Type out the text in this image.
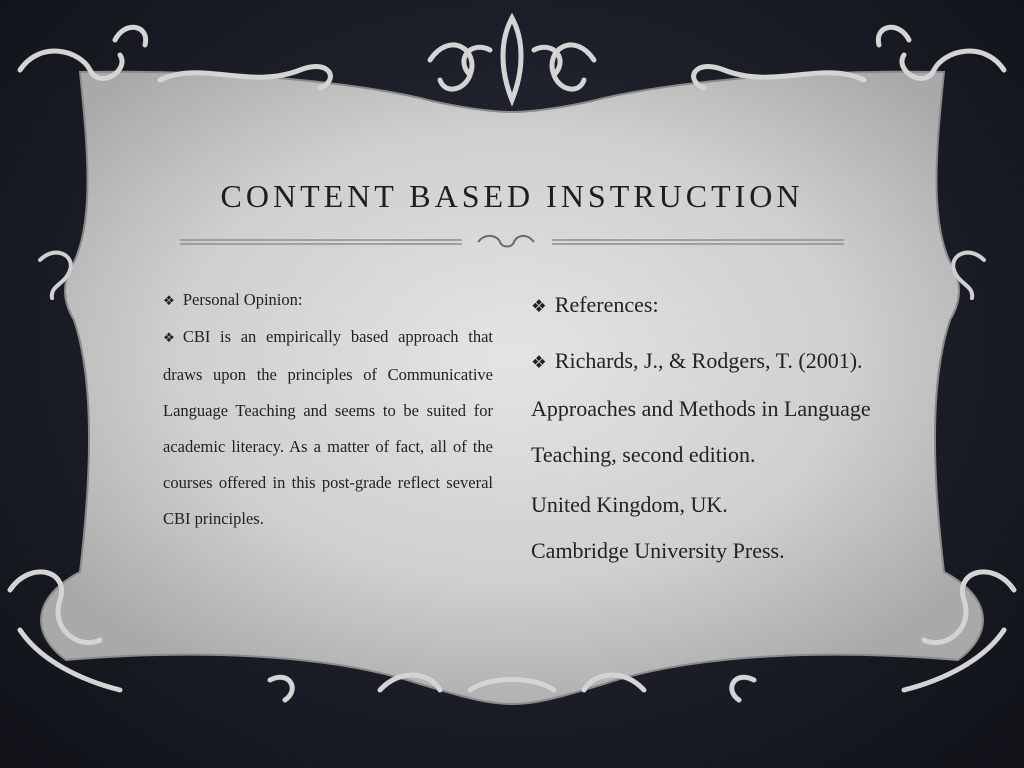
CONTENT BASED INSTRUCTION

❖ Personal Opinion:

❖ CBI is an empirically based approach that draws upon the principles of Communicative Language Teaching and seems to be suited for academic literacy. As a matter of fact, all of the courses offered in this post-grade reflect several CBI principles.

❖ References:

❖ Richards, J., & Rodgers, T. (2001). Approaches and Methods in Language Teaching, second edition.

United Kingdom, UK.

Cambridge University Press.
